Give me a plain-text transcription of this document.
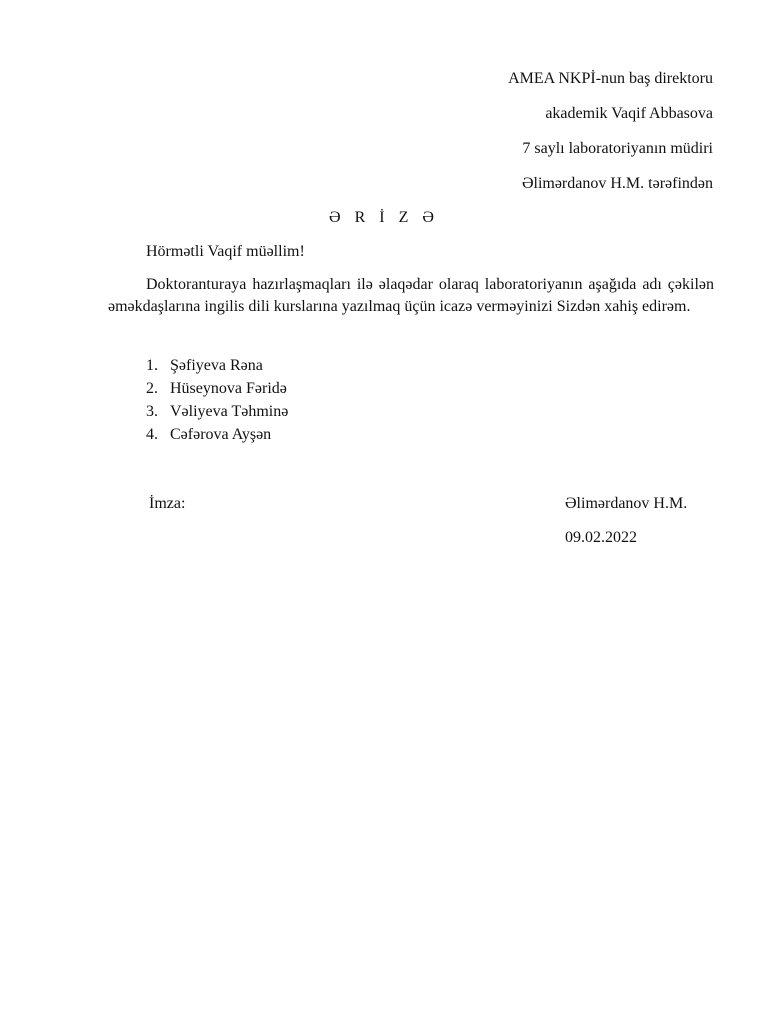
AMEA NKPİ-nun baş direktoru
akademik Vaqif Abbasova
7 saylı laboratoriyanın müdiri
Əlimərdanov H.M. tərəfindən
Ə R İ Z Ə
Hörmətli Vaqif müəllim!
Doktoranturaya hazırlaşmaqları ilə əlaqədar olaraq laboratoriyanın aşağıda adı çəkilən əməkdaşlarına ingilis dili kurslarına yazılmaq üçün icazə verməyinizi Sizdən xahiş edirəm.
1. Şəfiyeva Rəna
2. Hüseynova Fəridə
3. Vəliyeva Təhminə
4. Cəfərova Ayşən
İmza:	Əlimərdanov H.M.
09.02.2022
